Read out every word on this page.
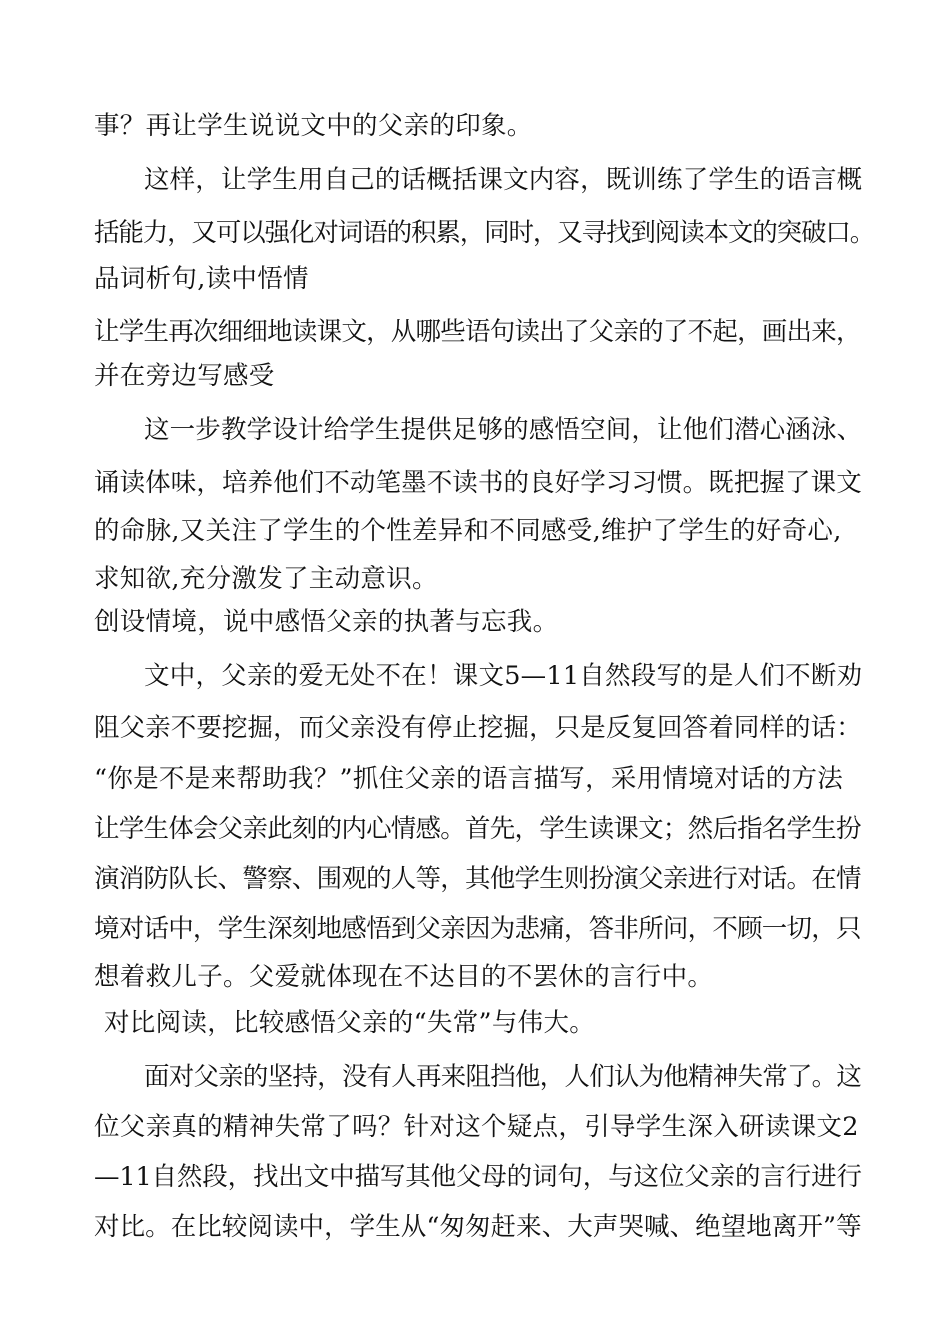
事？再让学生说说文中的父亲的印象。
这样，让学生用自己的话概括课文内容，既训练了学生的语言概
括能力，又可以强化对词语的积累，同时，又寻找到阅读本文的突破口。
品词析句,读中悟情
让学生再次细细地读课文，从哪些语句读出了父亲的了不起，画出来，
并在旁边写感受
这一步教学设计给学生提供足够的感悟空间，让他们潜心涵泳、
诵读体味，培养他们不动笔墨不读书的良好学习习惯。既把握了课文
的命脉,又关注了学生的个性差异和不同感受,维护了学生的好奇心,
求知欲,充分激发了主动意识。
创设情境，说中感悟父亲的执著与忘我。
文中，父亲的爱无处不在！课文5—11自然段写的是人们不断劝
阻父亲不要挖掘，而父亲没有停止挖掘，只是反复回答着同样的话：
“你是不是来帮助我？”抓住父亲的语言描写，采用情境对话的方法
让学生体会父亲此刻的内心情感。首先，学生读课文；然后指名学生扮
演消防队长、警察、围观的人等，其他学生则扮演父亲进行对话。在情
境对话中，学生深刻地感悟到父亲因为悲痛，答非所问，不顾一切，只
想着救儿子。父爱就体现在不达目的不罢休的言行中。
对比阅读，比较感悟父亲的“失常”与伟大。
面对父亲的坚持，没有人再来阻挡他，人们认为他精神失常了。这
位父亲真的精神失常了吗？针对这个疑点，引导学生深入研读课文2
—11自然段，找出文中描写其他父母的词句，与这位父亲的言行进行
对比。在比较阅读中，学生从“匆匆赶来、大声哭喊、绝望地离开”等
